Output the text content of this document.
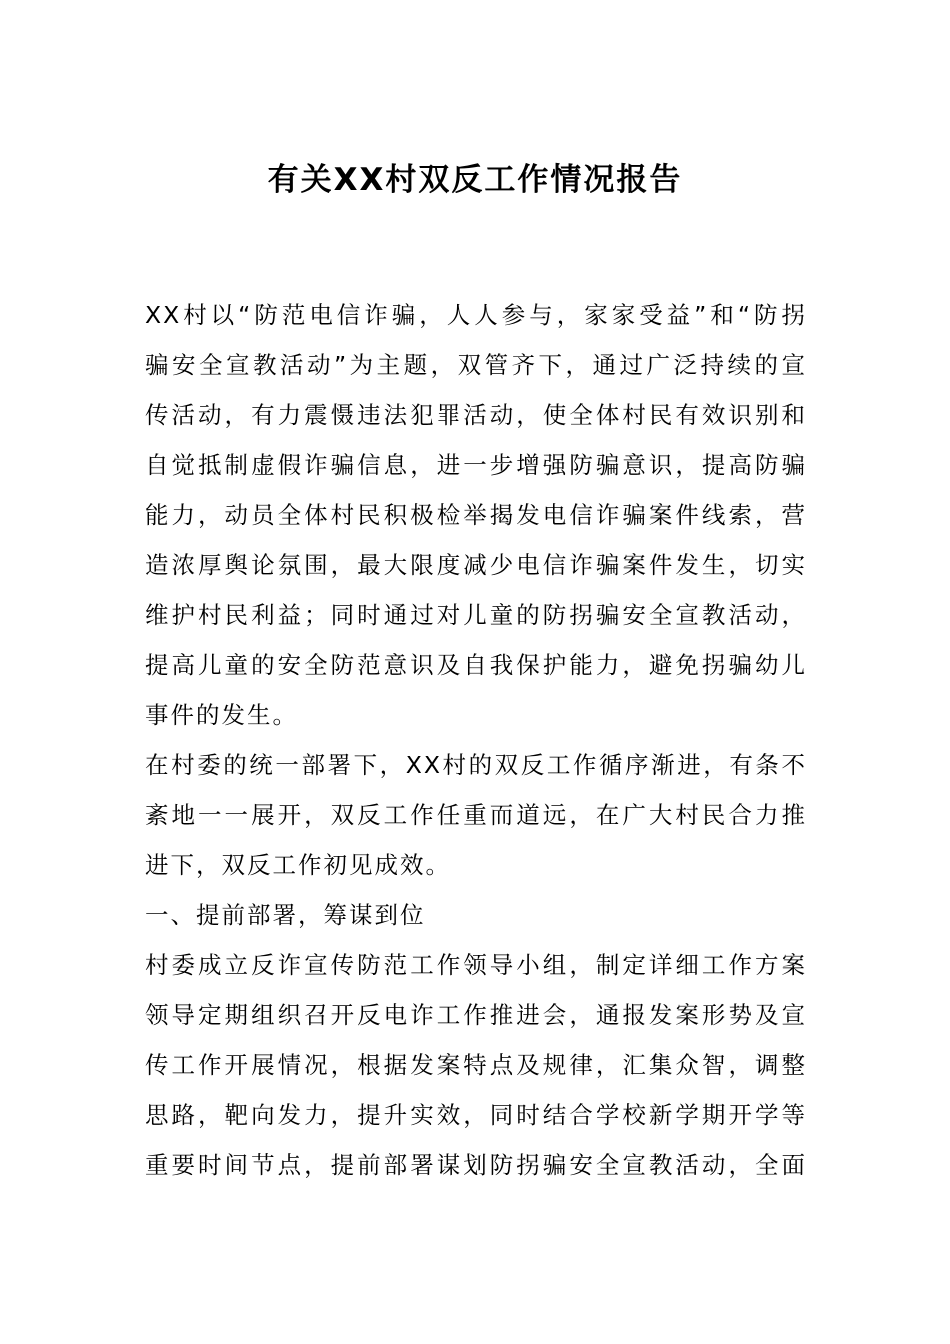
有关XX村双反工作情况报告

XX村以“防范电信诈骗，人人参与，家家受益”和“防拐
骗安全宣教活动”为主题，双管齐下，通过广泛持续的宣
传活动，有力震慑违法犯罪活动，使全体村民有效识别和
自觉抵制虚假诈骗信息，进一步增强防骗意识，提高防骗
能力，动员全体村民积极检举揭发电信诈骗案件线索，营
造浓厚舆论氛围，最大限度减少电信诈骗案件发生，切实
维护村民利益；同时通过对儿童的防拐骗安全宣教活动，
提高儿童的安全防范意识及自我保护能力，避免拐骗幼儿
事件的发生。

在村委的统一部署下，XX村的双反工作循序渐进，有条不
紊地一一展开，双反工作任重而道远，在广大村民合力推
进下，双反工作初见成效。

一、提前部署，筹谋到位

村委成立反诈宣传防范工作领导小组，制定详细工作方案
领导定期组织召开反电诈工作推进会，通报发案形势及宣
传工作开展情况，根据发案特点及规律，汇集众智，调整
思路，靶向发力，提升实效，同时结合学校新学期开学等
重要时间节点，提前部署谋划防拐骗安全宣教活动，全面
